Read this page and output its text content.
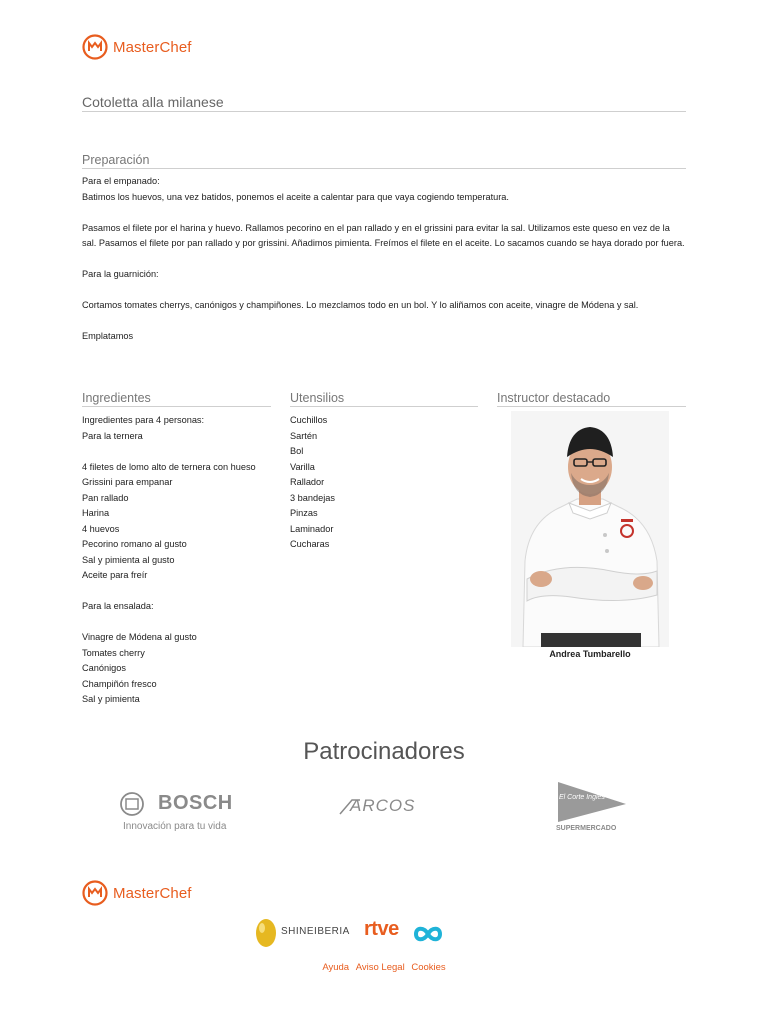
MasterChef
Cotoletta alla milanese
Preparación

Para el empanado:

Batimos los huevos, una vez batidos, ponemos el aceite a calentar para que vaya cogiendo temperatura.

Pasamos el filete por el harina y huevo. Rallamos pecorino en el pan rallado y en el grissini para evitar la sal. Utilizamos este queso en vez de la sal. Pasamos el filete por pan rallado y por grissini. Añadimos pimienta. Freímos el filete en el aceite. Lo sacamos cuando se haya dorado por fuera.

Para la guarnición:

Cortamos tomates cherrys, canónigos y champiñones. Lo mezclamos todo en un bol. Y lo aliñamos con aceite, vinagre de Módena y sal.

Emplatamos

Ingredientes
Ingredientes para 4 personas:
Para la ternera
4 filetes de lomo alto de ternera con hueso
Grissini para empanar
Pan rallado
Harina
4 huevos
Pecorino romano al gusto
Sal y pimienta al gusto
Aceite para freír
Para la ensalada:
Vinagre de Módena al gusto
Tomates cherry
Canónigos
Champiñón fresco
Sal y pimienta
Utensilios
Cuchillos
Sartén
Bol
Varilla
Rallador
3 bandejas
Pinzas
Laminador
Cucharas
Instructor destacado
Andrea Tumbarello
Patrocinadores
BOSCH
Innovación para tu vida
ARCOS	El Corte Inglés
SUPERMERCADO
MasterChef
SHINEIBERIA rtve
Ayuda Aviso Legal Cookies
